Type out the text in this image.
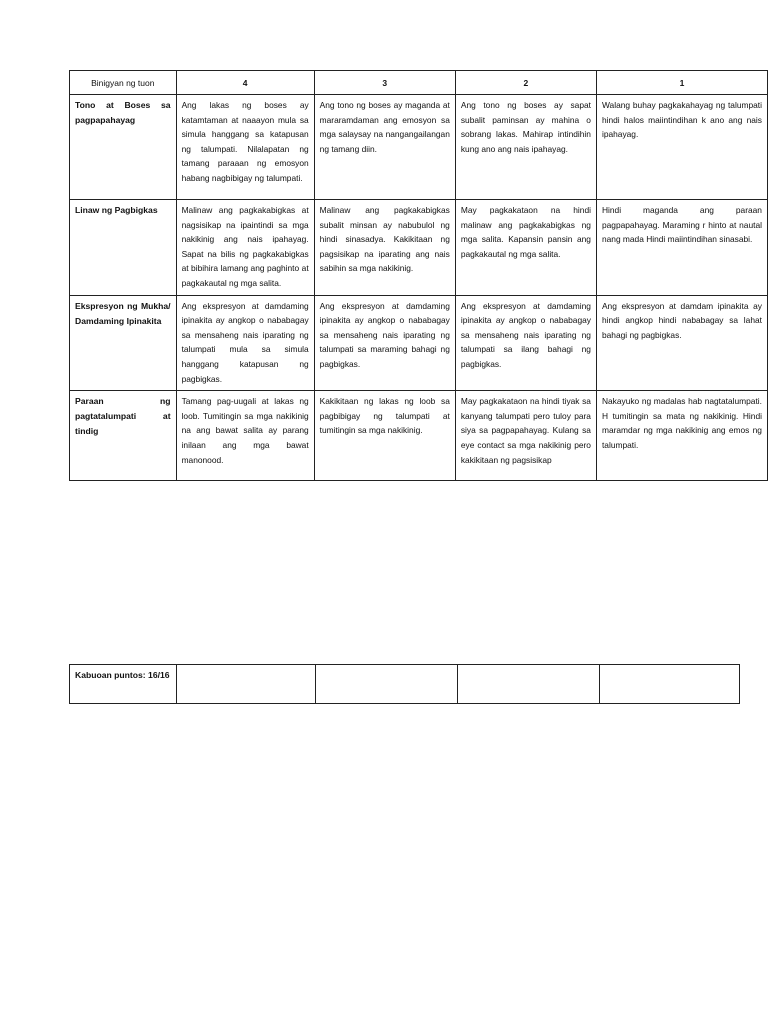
Binigyan ng tuon	4	3	2	1
Tono at Boses sa pagpapahayag	Ang lakas ng boses ay katamtaman at naaayon mula sa simula hanggang sa katapusan ng talumpati. Nilalapatan ng tamang paraaan ng emosyon habang nagbibigay ng talumpati.	Ang tono ng boses ay maganda at mararamdaman ang emosyon sa mga salaysay na nangangailangan ng tamang diin.	Ang tono ng boses ay sapat subalit paminsan ay mahina o sobrang lakas. Mahirap intindihin kung ano ang nais ipahayag.	Walang buhay pagkakahayag ng talumpati hindi halos maiintindihan k ano ang nais ipahayag.

Linaw ng Pagbigkas	Malinaw ang pagkakabigkas at nagsisikap na ipaintindi sa mga nakikinig ang nais ipahayag. Sapat na bilis ng pagkakabigkas at bibihira lamang ang paghinto at pagkakautal ng mga salita.	Malinaw ang pagkakabigkas subalit minsan ay nabubulol ng hindi sinasadya. Kakikitaan ng pagsisikap na iparating ang nais sabihin sa mga nakikinig.	May pagkakataon na hindi malinaw ang pagkakabigkas ng mga salita. Kapansin pansin ang pagkakautal ng mga salita.	Hindi maganda ang paraan pagpapahayag. Maraming r hinto at nautal nang mada Hindi maiintindihan sinasabi.

Ekspresyon ng Mukha/ Damdaming Ipinakita	Ang ekspresyon at damdaming ipinakita ay angkop o nababagay sa mensaheng nais iparating ng talumpati mula sa simula hanggang katapusan ng pagbigkas.	Ang ekspresyon at damdaming ipinakita ay angkop o nababagay sa mensaheng nais iparating ng talumpati sa maraming bahagi ng pagbigkas.	Ang ekspresyon at damdaming ipinakita ay angkop o nababagay sa mensaheng nais iparating ng talumpati sa ilang bahagi ng pagbigkas.	Ang ekspresyon at damdam ipinakita ay hindi angkop hindi nababagay sa lahat bahagi ng pagbigkas.

Paraan ng pagtatalumpati at tindig	Tamang pag-uugali at lakas ng loob. Tumitingin sa mga nakikinig na ang bawat salita ay parang inilaan ang mga bawat manonood.	Kakikitaan ng lakas ng loob sa pagbibigay ng talumpati at tumitingin sa mga nakikinig.	May pagkakataon na hindi tiyak sa kanyang talumpati pero tuloy para siya sa pagpapahayag. Kulang sa eye contact sa mga nakikinig pero kakikitaan ng pagsisikap	Nakayuko ng madalas hab nagtatalumpati. H tumitingin sa mata ng nakikinig. Hindi maramdar ng mga nakikinig ang emos ng talumpati.
Kabuoan puntos: 16/16				
